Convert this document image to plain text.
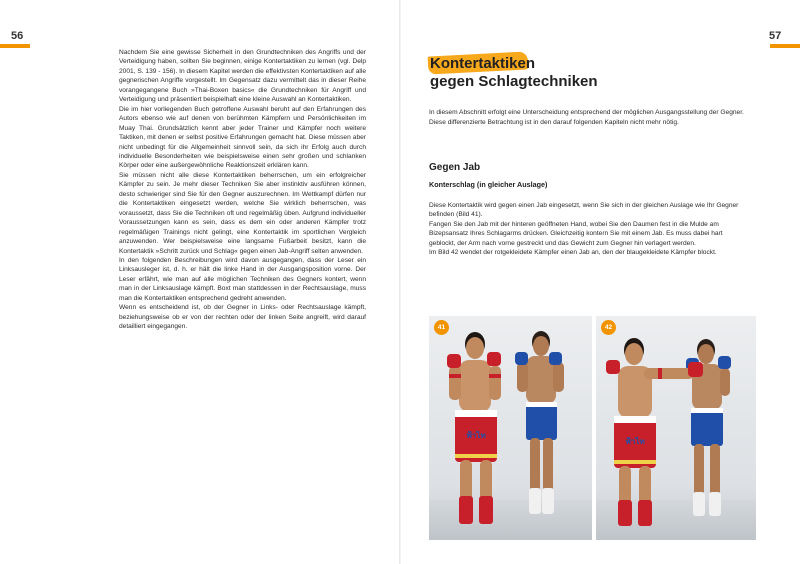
56

Nachdem Sie eine gewisse Sicherheit in den Grundtechniken des Angriffs und der Verteidigung haben, sollten Sie beginnen, einige Kontertaktiken zu lernen (vgl. Delp 2001, S. 139 - 156). In diesem Kapitel werden die effektivsten Kontertaktiken auf alle gegnerischen Angriffe vorgestellt. Im Gegensatz dazu vermittelt das in dieser Reihe vorangegangene Buch »Thai-Boxen basics« die Grundtechniken für Angriff und Verteidigung und präsentiert beispielhaft eine kleine Auswahl an Kontertaktiken.

Die im hier vorliegenden Buch getroffene Auswahl beruht auf den Erfahrungen des Autors ebenso wie auf denen von berühmten Kämpfern und Persönlichkeiten im Muay Thai. Grundsätzlich kennt aber jeder Trainer und Kämpfer noch weitere Taktiken, mit denen er selbst positive Erfahrungen gemacht hat. Diese müssen aber nicht unbedingt für die Allgemeinheit sinnvoll sein, da sich ihr Erfolg auch durch individuelle Besonderheiten wie beispielsweise einen sehr großen und schlanken Körper oder eine außergewöhnliche Reaktionszeit erklären kann.

Sie müssen nicht alle diese Kontertaktiken beherrschen, um ein erfolgreicher Kämpfer zu sein. Je mehr dieser Techniken Sie aber instinktiv ausführen können, desto schwieriger sind Sie für den Gegner auszurechnen. Im Wettkampf dürfen nur die Kontertaktiken eingesetzt werden, welche Sie wirklich beherrschen, was voraussetzt, dass Sie die Techniken oft und regelmäßig üben. Aufgrund individueller Voraussetzungen kann es sein, dass es dem ein oder anderen Kämpfer trotz regelmäßigen Trainings nicht gelingt, eine Kontertaktik im sportlichen Vergleich anzuwenden. Wer beispielsweise eine langsame Fußarbeit besitzt, kann die Kontertaktik »Schritt zurück und Schlag« gegen einen Jab-Angriff selten anwenden.

In den folgenden Beschreibungen wird davon ausgegangen, dass der Leser ein Linksausleger ist, d. h. er hält die linke Hand in der Ausgangsposition vorne. Der Leser erfährt, wie man auf alle möglichen Techniken des Gegners kontert, wenn man in der Linksauslage kämpft. Boxt man stattdessen in der Rechtsauslage, muss man die Kontertaktiken entsprechend gedreht anwenden.

Wenn es entscheidend ist, ob der Gegner in Links- oder Rechtsauslage kämpft, beziehungsweise ob er von der rechten oder der linken Seite angreift, wird darauf detailliert eingegangen.

57
Kontertaktiken
gegen Schlagtechniken
In diesem Abschnitt erfolgt eine Unterscheidung entsprechend der möglichen Ausgangsstellung der Gegner. Diese differenzierte Betrachtung ist in den darauf folgenden Kapiteln nicht mehr nötig.
Gegen Jab
Konterschlag (in gleicher Auslage)

Diese Kontertaktik wird gegen einen Jab eingesetzt, wenn Sie sich in der gleichen Auslage wie Ihr Gegner befinden (Bild 41).

Fangen Sie den Jab mit der hinteren geöffneten Hand, wobei Sie den Daumen fest in die Mulde am Bizepsansatz Ihres Schlagarms drücken. Gleichzeitig kontern Sie mit einem Jab. Es muss dabei hart geblockt, der Arm nach vorne gestreckt und das Gewicht zum Gegner hin verlagert werden.

Im Bild 42 wendet der rotgekleidete Kämpfer einen Jab an, den der blaugekleidete Kämpfer blockt.

ฟ้าไท
41
ฟ้าไท
42
